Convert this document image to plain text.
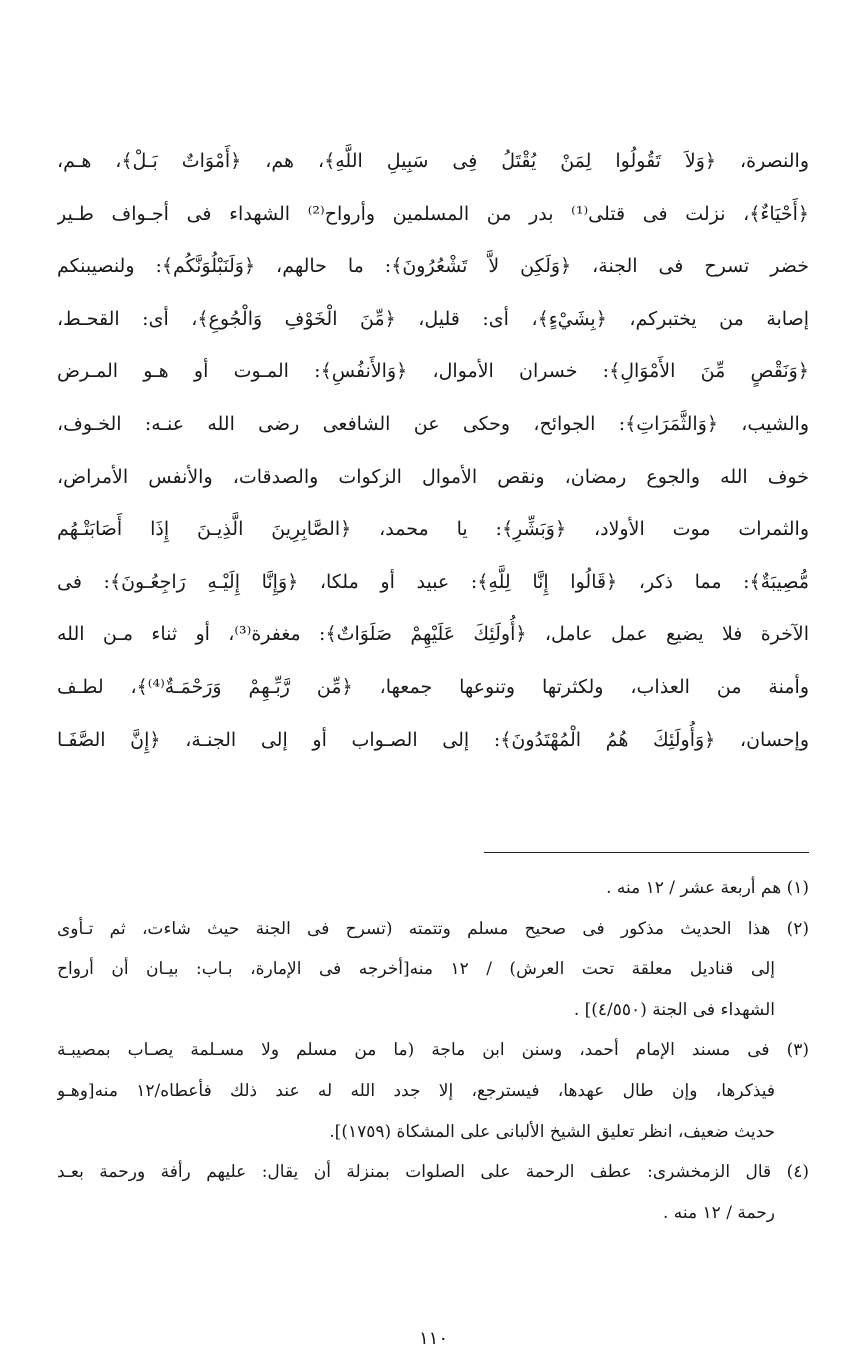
والنصرة، ﴿وَلاَ تَقُولُوا لِمَنْ يُقْتَلُ فِى سَبِيلِ اللَّهِ﴾، هم، ﴿أَمْوَاتٌ بَـلْ﴾، هـم،
﴿أَحْيَاءٌ﴾، نزلت فى قتلى⁽¹⁾ بدر من المسلمين وأرواح⁽²⁾ الشهداء فى أجـواف طـير
خضر تسرح فى الجنة، ﴿وَلَكِن لاَّ تَشْعُرُونَ﴾: ما حالهم، ﴿وَلَنَبْلُوَنَّكُم﴾: ولنصيبنكم
إصابة من يختبركم، ﴿بِشَيْءٍ﴾، أى: قليل، ﴿مِّنَ الْخَوْفِ وَالْجُوعِ﴾، أى: القحـط،
﴿وَنَقْصٍ مِّنَ الأَمْوَالِ﴾: خسران الأموال، ﴿وَالأَنفُسِ﴾: المـوت أو هـو المـرض
والشيب، ﴿وَالثَّمَرَاتِ﴾: الجوائح، وحكى عن الشافعى رضى الله عنـه: الخـوف،
خوف الله والجوع رمضان، ونقص الأموال الزكوات والصدقات، والأنفس الأمراض،
والثمرات موت الأولاد، ﴿وَبَشِّرِ﴾: يا محمد، ﴿الصَّابِرِينَ الَّذِيـنَ إِذَا أَصَابَتْـهُم
مُّصِيبَةٌ﴾: مما ذكر، ﴿قَالُوا إِنَّا لِلَّهِ﴾: عبيد أو ملكا، ﴿وَإِنَّا إِلَيْـهِ رَاجِعُـونَ﴾: فى
الآخرة فلا يضيع عمل عامل، ﴿أُولَئِكَ عَلَيْهِمْ صَلَوَاتٌ﴾: مغفرة⁽³⁾، أو ثناء مـن الله
وأمنة من العذاب، ولكثرتها وتنوعها جمعها، ﴿مِّن رَّبِّـهِمْ وَرَحْمَـةٌ⁽⁴⁾﴾، لطـف
وإحسان، ﴿وَأُولَئِكَ هُمُ الْمُهْتَدُونَ﴾: إلى الصـواب أو إلى الجنـة، ﴿إِنَّ الصَّفَـا
(١) هم أربعة عشر / ١٢ منه .
(٢) هذا الحديث مذكور فى صحيح مسلم وتتمته (تسرح فى الجنة حيث شاءت، ثم تـأوى
إلى قناديل معلقة تحت العرش) / ١٢ منه[أخرجه فى الإمارة، بـاب: بيـان أن أرواح
الشهداء فى الجنة (٤/٥٥٠)] .
(٣) فى مسند الإمام أحمد، وسنن ابن ماجة (ما من مسلم ولا مسـلمة يصـاب بمصيبـة
فيذكرها، وإن طال عهدها، فيسترجع، إلا جدد الله له عند ذلك فأعطاه/١٢ منه[وهـو
حديث ضعيف، انظر تعليق الشيخ الألبانى على المشكاة (١٧٥٩)].
(٤) قال الزمخشرى: عطف الرحمة على الصلوات بمنزلة أن يقال: عليهم رأفة ورحمة بعـد
رحمة / ١٢ منه .
١١٠
